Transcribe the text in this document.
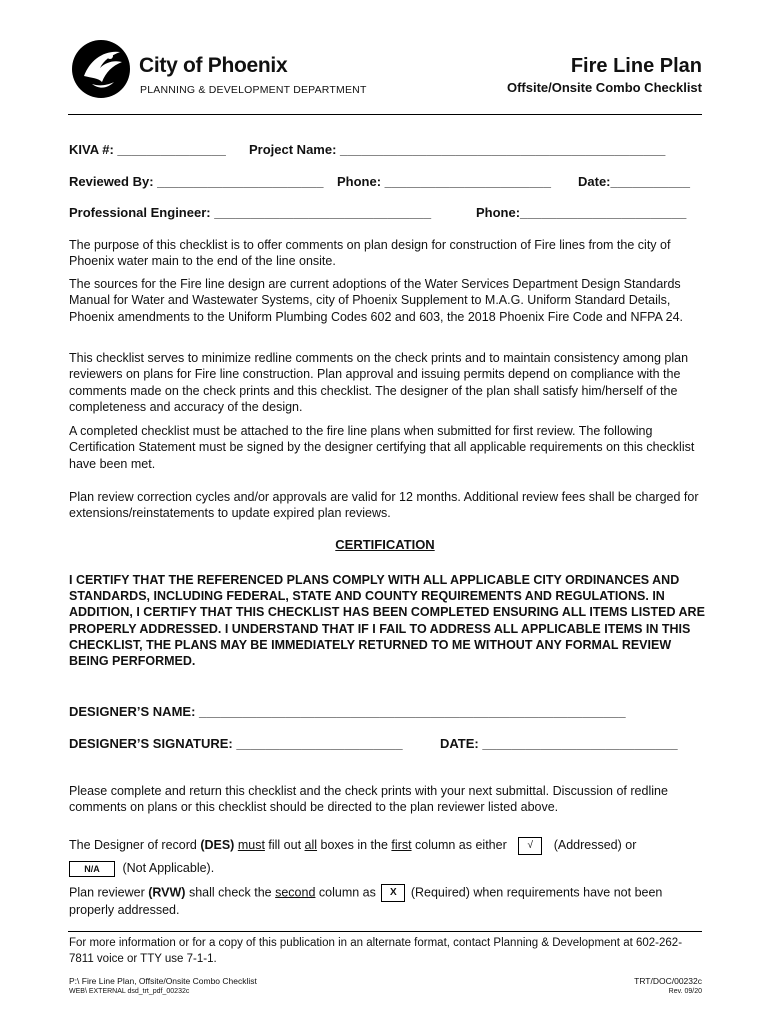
City of Phoenix
PLANNING & DEVELOPMENT DEPARTMENT
Fire Line Plan
Offsite/Onsite Combo Checklist
KIVA #: _______________ Project Name: _____________________________________________
Reviewed By: _______________________ Phone: _______________________ Date:___________
Professional Engineer: ______________________________	Phone:_______________________
The purpose of this checklist is to offer comments on plan design for construction of Fire lines from the city of Phoenix water main to the end of the line onsite.
The sources for the Fire line design are current adoptions of the Water Services Department Design Standards Manual for Water and Wastewater Systems, city of Phoenix Supplement to M.A.G. Uniform Standard Details, Phoenix amendments to the Uniform Plumbing Codes 602 and 603, the 2018 Phoenix Fire Code and NFPA 24.
This checklist serves to minimize redline comments on the check prints and to maintain consistency among plan reviewers on plans for Fire line construction. Plan approval and issuing permits depend on compliance with the comments made on the check prints and this checklist. The designer of the plan shall satisfy him/herself of the completeness and accuracy of the design.
A completed checklist must be attached to the fire line plans when submitted for first review. The following Certification Statement must be signed by the designer certifying that all applicable requirements on this checklist have been met.
Plan review correction cycles and/or approvals are valid for 12 months. Additional review fees shall be charged for extensions/reinstatements to update expired plan reviews.
CERTIFICATION
I CERTIFY THAT THE REFERENCED PLANS COMPLY WITH ALL APPLICABLE CITY ORDINANCES AND STANDARDS, INCLUDING FEDERAL, STATE AND COUNTY REQUIREMENTS AND REGULATIONS. IN ADDITION, I CERTIFY THAT THIS CHECKLIST HAS BEEN COMPLETED ENSURING ALL ITEMS LISTED ARE PROPERLY ADDRESSED. I UNDERSTAND THAT IF I FAIL TO ADDRESS ALL APPLICABLE ITEMS IN THIS CHECKLIST, THE PLANS MAY BE IMMEDIATELY RETURNED TO ME WITHOUT ANY FORMAL REVIEW BEING PERFORMED.
DESIGNER’S NAME: ___________________________________________________________
DESIGNER’S SIGNATURE: _______________________	DATE: ___________________________
Please complete and return this checklist and the check prints with your next submittal. Discussion of redline comments on plans or this checklist should be directed to the plan reviewer listed above.
The Designer of record (DES) must fill out all boxes in the first column as either √ (Addressed) or
N/A (Not Applicable).
Plan reviewer (RVW) shall check the second column as X (Required) when requirements have not been properly addressed.
For more information or for a copy of this publication in an alternate format, contact Planning & Development at 602-262-7811 voice or TTY use 7-1-1.
P:\ Fire Line Plan, Offsite/Onsite Combo Checklist
WEB\ EXTERNAL dsd_trt_pdf_00232c
TRT/DOC/00232c
Rev. 09/20
